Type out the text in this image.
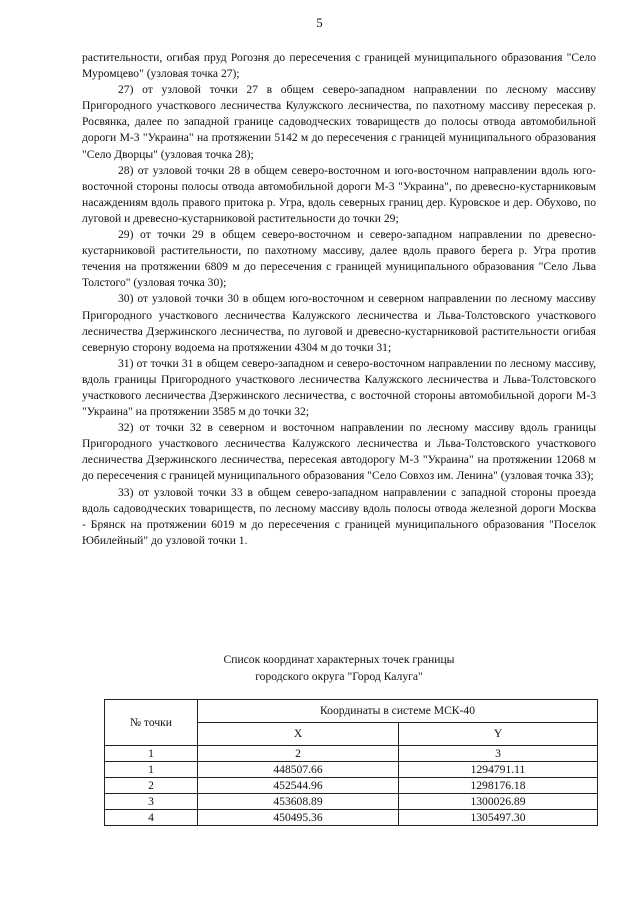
5

растительности, огибая пруд Рогозня до пересечения с границей муниципального образования "Село Муромцево" (узловая точка 27);

27) от узловой точки 27 в общем северо-западном направлении по лесному массиву Пригородного участкового лесничества Кулужского лесничества, по пахотному массиву пересекая р. Росвянка, далее по западной границе садоводческих товариществ до полосы отвода автомобильной дороги М-3 "Украина" на протяжении 5142 м до пересечения с границей муниципального образования "Село Дворцы" (узловая точка 28);

28) от узловой точки 28 в общем северо-восточном и юго-восточном направлении вдоль юго-восточной стороны полосы отвода автомобильной дороги М-3 "Украина", по древесно-кустарниковым насаждениям вдоль правого притока р. Угра, вдоль северных границ дер. Куровское и дер. Обухово, по луговой и древесно-кустарниковой растительности до точки 29;

29) от точки 29 в общем северо-восточном и северо-западном направлении по древесно-кустарниковой растительности, по пахотному массиву, далее вдоль правого берега р. Угра против течения на протяжении 6809 м до пересечения с границей муниципального образования "Село Льва Толстого" (узловая точка 30);

30) от узловой точки 30 в общем юго-восточном и северном направлении по лесному массиву Пригородного участкового лесничества Калужского лесничества и Льва-Толстовского участкового лесничества Дзержинского лесничества, по луговой и древесно-кустарниковой растительности огибая северную сторону водоема на протяжении 4304 м до точки 31;

31) от точки 31 в общем северо-западном и северо-восточном направлении по лесному массиву, вдоль границы Пригородного участкового лесничества Калужского лесничества и Льва-Толстовского участкового лесничества Дзержинского лесничества, с восточной стороны автомобильной дороги М-3 "Украина" на протяжении 3585 м до точки 32;

32) от точки 32 в северном и восточном направлении по лесному массиву вдоль границы Пригородного участкового лесничества Калужского лесничества и Льва-Толстовского участкового лесничества Дзержинского лесничества, пересекая автодорогу М-3 "Украина" на протяжении 12068 м до пересечения с границей муниципального образования "Село Совхоз им. Ленина" (узловая точка 33);

33) от узловой точки 33 в общем северо-западном направлении с западной стороны проезда вдоль садоводческих товариществ, по лесному массиву вдоль полосы отвода железной дороги Москва - Брянск на протяжении 6019 м до пересечения с границей муниципального образования "Поселок Юбилейный" до узловой точки 1.

Список координат характерных точек границы
городского округа "Город Калуга"
№ точки	Координаты в системе МСК-40	
	X	Y
1	2	3
1	448507.66	1294791.11
2	452544.96	1298176.18
3	453608.89	1300026.89
4	450495.36	1305497.30
